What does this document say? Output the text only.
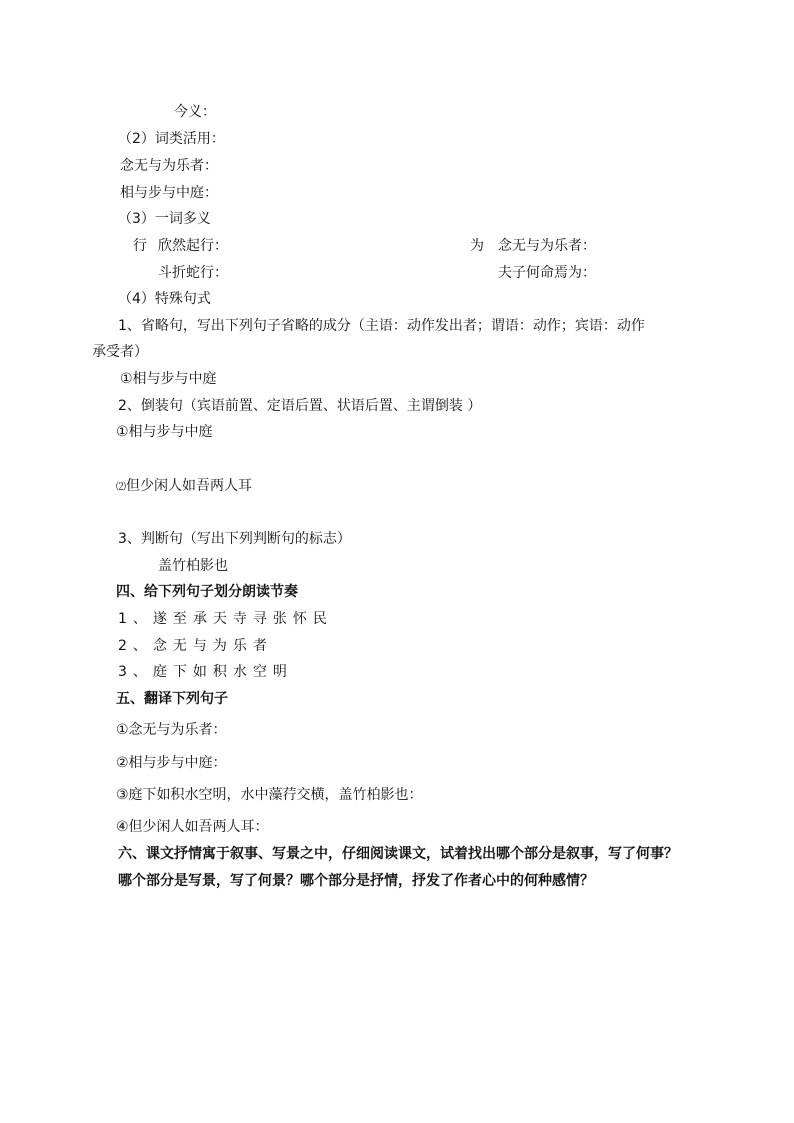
今义：
（2）词类活用：
念无与为乐者：
相与步与中庭：
（3）一词多义
行 欣然起行：
斗折蛇行：
为 念无与为乐者：
夫子何命焉为：
（4）特殊句式
1、省略句，写出下列句子省略的成分（主语：动作发出者；谓语：动作；宾语：动作
承受者）
①相与步与中庭
2、倒装句（宾语前置、定语后置、状语后置、主谓倒装 ）
①相与步与中庭
⑵但少闲人如吾两人耳
3、判断句（写出下列判断句的标志）
盖竹柏影也
四、给下列句子划分朗读节奏
1、遂至承天寺寻张怀民
2、念无与为乐者
3、庭下如积水空明
五、翻译下列句子
①念无与为乐者：
②相与步与中庭：
③庭下如积水空明，水中藻荇交横，盖竹柏影也：
④但少闲人如吾两人耳：
六、课文抒情寓于叙事、写景之中，仔细阅读课文，试着找出哪个部分是叙事，写了何事？
哪个部分是写景，写了何景？哪个部分是抒情，抒发了作者心中的何种感情？
